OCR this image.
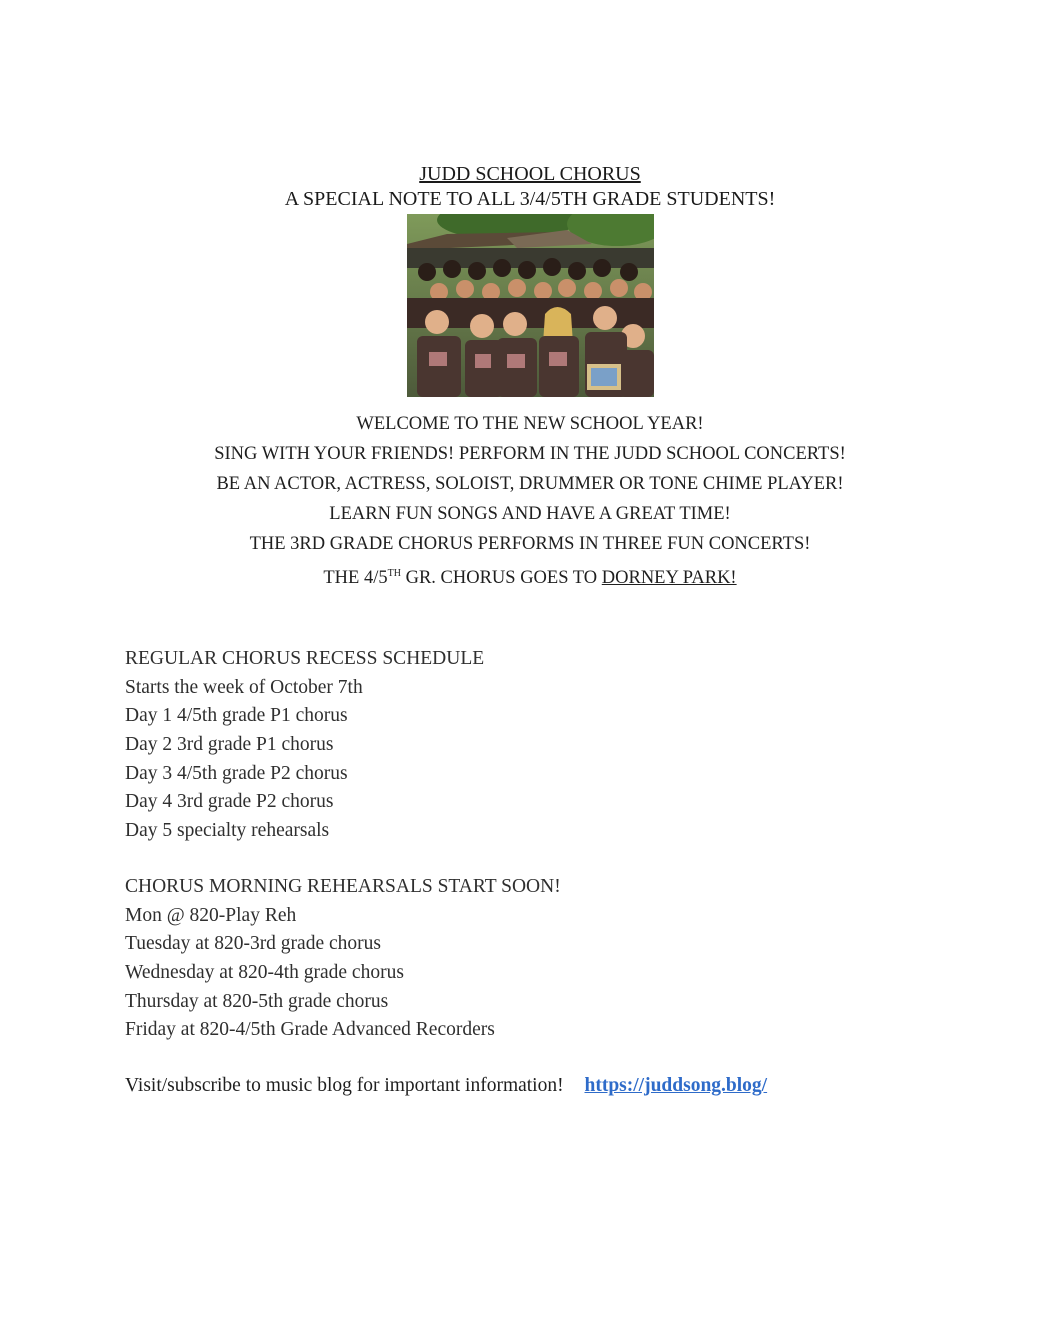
JUDD SCHOOL CHORUS
A SPECIAL NOTE TO ALL 3/4/5TH GRADE STUDENTS!
WELCOME TO THE NEW SCHOOL YEAR!
SING WITH YOUR FRIENDS! PERFORM IN THE JUDD SCHOOL CONCERTS!
BE AN ACTOR, ACTRESS, SOLOIST, DRUMMER OR TONE CHIME PLAYER!
LEARN FUN SONGS AND HAVE A GREAT TIME!
THE 3RD GRADE CHORUS PERFORMS IN THREE FUN CONCERTS!
THE 4/5TH GR. CHORUS GOES TO DORNEY PARK!
REGULAR CHORUS RECESS SCHEDULE
Starts the week of October 7th
Day 1 4/5th grade P1 chorus
Day 2 3rd grade P1 chorus
Day 3 4/5th grade P2 chorus
Day 4 3rd grade P2 chorus
Day 5 specialty rehearsals
CHORUS MORNING REHEARSALS START SOON!
Mon @ 820-Play Reh
Tuesday at 820-3rd grade chorus
Wednesday at 820-4th grade chorus
Thursday at 820-5th grade chorus
Friday at 820-4/5th Grade Advanced Recorders
Visit/subscribe to music blog for important information! https://juddsong.blog/
